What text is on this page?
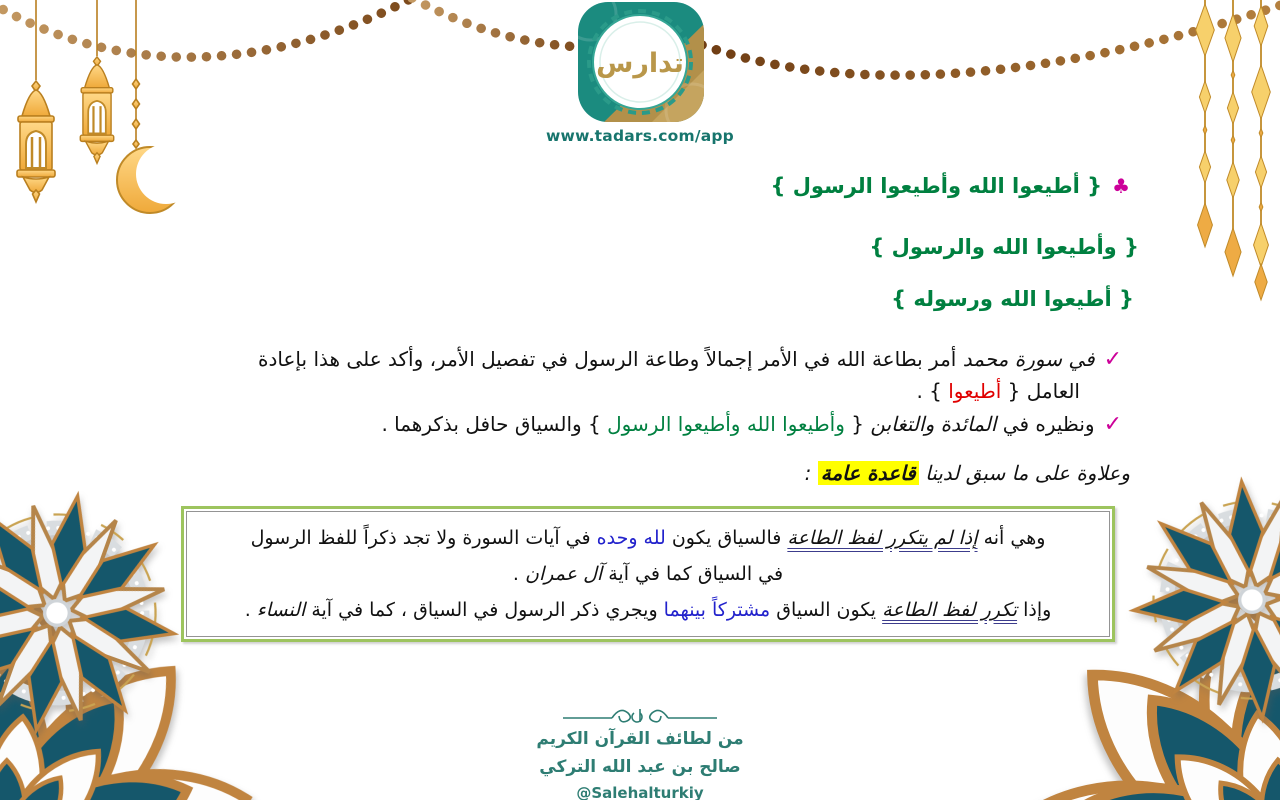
تدارس
www.tadars.com/app
♣{ أطيعوا الله وأطيعوا الرسول }
{ وأطيعوا الله والرسول }
{ أطيعوا الله ورسوله }
✓في سورة محمد أمر بطاعة الله في الأمر إجمالاً وطاعة الرسول في تفصيل الأمر، وأكد على هذا بإعادة
العامل { أطيعوا } .
✓ونظيره في المائدة والتغابن { وأطيعوا الله وأطيعوا الرسول } والسياق حافل بذكرهما .
وعلاوة على ما سبق لدينا قاعدة عامة :
وهي أنه إذا لم يتكرر لفظ الطاعة فالسياق يكون لله وحده في آيات السورة ولا تجد ذكراً للفظ الرسول
في السياق كما في آية آل عمران .
وإذا تكرر لفظ الطاعة يكون السياق مشتركاً بينهما ويجري ذكر الرسول في السياق ، كما في آية النساء .
من لطائف القرآن الكريم
صالح بن عبد الله التركي
@Salehalturkiy
